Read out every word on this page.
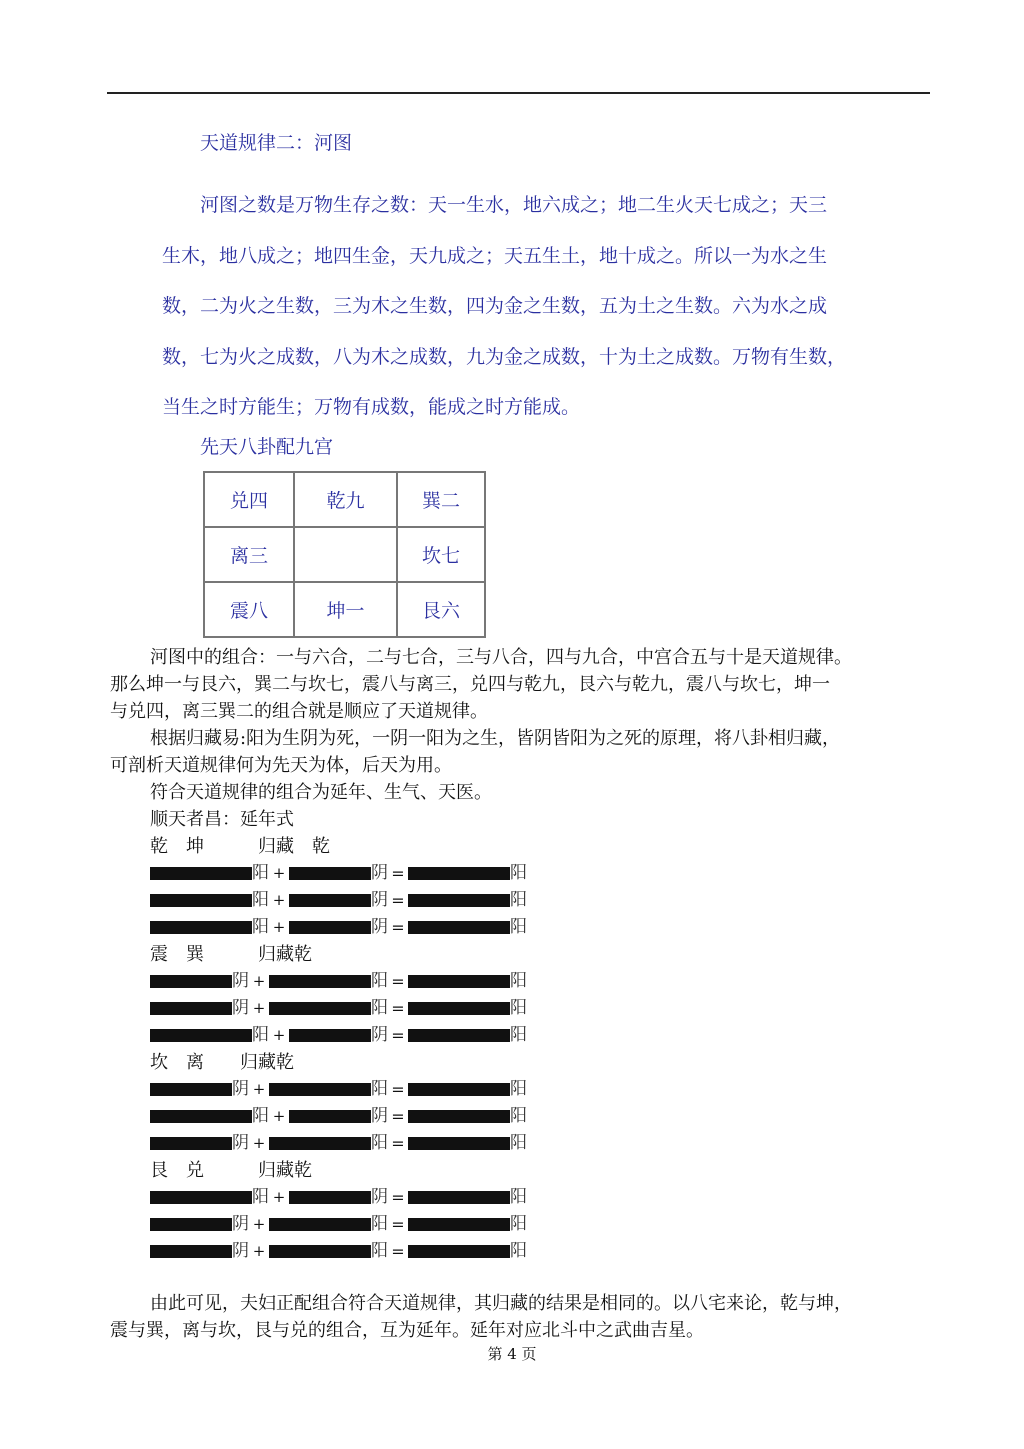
天道规律二：河图
河图之数是万物生存之数：天一生水，地六成之；地二生火天七成之；天三
生木，地八成之；地四生金，天九成之；天五生土，地十成之。所以一为水之生
数，二为火之生数，三为木之生数，四为金之生数，五为土之生数。六为水之成
数，七为火之成数，八为木之成数，九为金之成数，十为土之成数。万物有生数，
当生之时方能生；万物有成数，能成之时方能成。
先天八卦配九宫
兑四	乾九	巽二
离三		坎七
震八	坤一	艮六
河图中的组合：一与六合，二与七合，三与八合，四与九合，中宫合五与十是天道规律。
那么坤一与艮六，巽二与坎七，震八与离三，兑四与乾九，艮六与乾九，震八与坎七，坤一
与兑四，离三巽二的组合就是顺应了天道规律。
根据归藏易:阳为生阴为死，一阴一阳为之生，皆阴皆阳为之死的原理，将八卦相归藏，
可剖析天道规律何为先天为体，后天为用。
符合天道规律的组合为延年、生气、天医。
顺天者昌：延年式
乾　坤　　　归藏　乾
阳 +	阴 =	阳
阳 +	阴 =	阳
阳 +	阴 =	阳
震　巽　　　归藏乾
阴 +	阳 =	阳
阴 +	阳 =	阳
阳 +	阴 =	阳
坎　离　　归藏乾
阴 +	阳 =	阳
阳 +	阴 =	阳
阴 +	阳 =	阳
艮　兑　　　归藏乾
阳 +	阴 =	阳
阴 +	阳 =	阳
阴 +	阳 =	阳
由此可见，夫妇正配组合符合天道规律，其归藏的结果是相同的。以八宅来论，乾与坤，
震与巽，离与坎，艮与兑的组合，互为延年。延年对应北斗中之武曲吉星。
第 4 页
